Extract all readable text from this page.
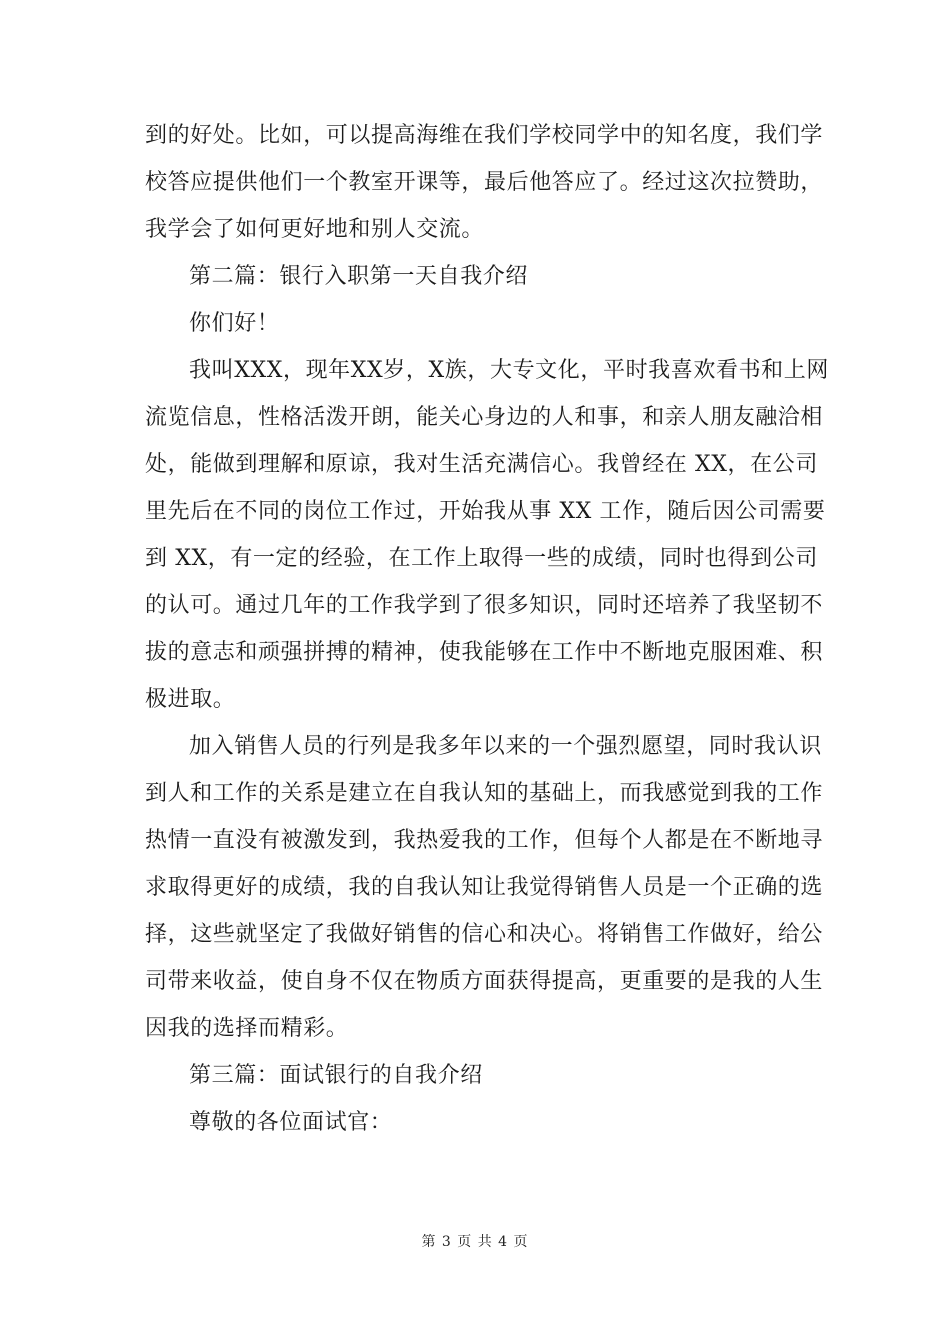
到的好处。比如，可以提高海维在我们学校同学中的知名度，我们学
校答应提供他们一个教室开课等，最后他答应了。经过这次拉赞助，
我学会了如何更好地和别人交流。
第二篇：银行入职第一天自我介绍
你们好！
我叫XXX，现年XX岁，X族，大专文化，平时我喜欢看书和上网
流览信息，性格活泼开朗，能关心身边的人和事，和亲人朋友融洽相
处，能做到理解和原谅，我对生活充满信心。我曾经在 XX，在公司
里先后在不同的岗位工作过，开始我从事 XX 工作，随后因公司需要
到 XX，有一定的经验，在工作上取得一些的成绩，同时也得到公司
的认可。通过几年的工作我学到了很多知识，同时还培养了我坚韧不
拔的意志和顽强拼搏的精神，使我能够在工作中不断地克服困难、积
极进取。
加入销售人员的行列是我多年以来的一个强烈愿望，同时我认识
到人和工作的关系是建立在自我认知的基础上，而我感觉到我的工作
热情一直没有被激发到，我热爱我的工作，但每个人都是在不断地寻
求取得更好的成绩，我的自我认知让我觉得销售人员是一个正确的选
择，这些就坚定了我做好销售的信心和决心。将销售工作做好，给公
司带来收益，使自身不仅在物质方面获得提高，更重要的是我的人生
因我的选择而精彩。
第三篇：面试银行的自我介绍
尊敬的各位面试官：
第 3 页 共 4 页
